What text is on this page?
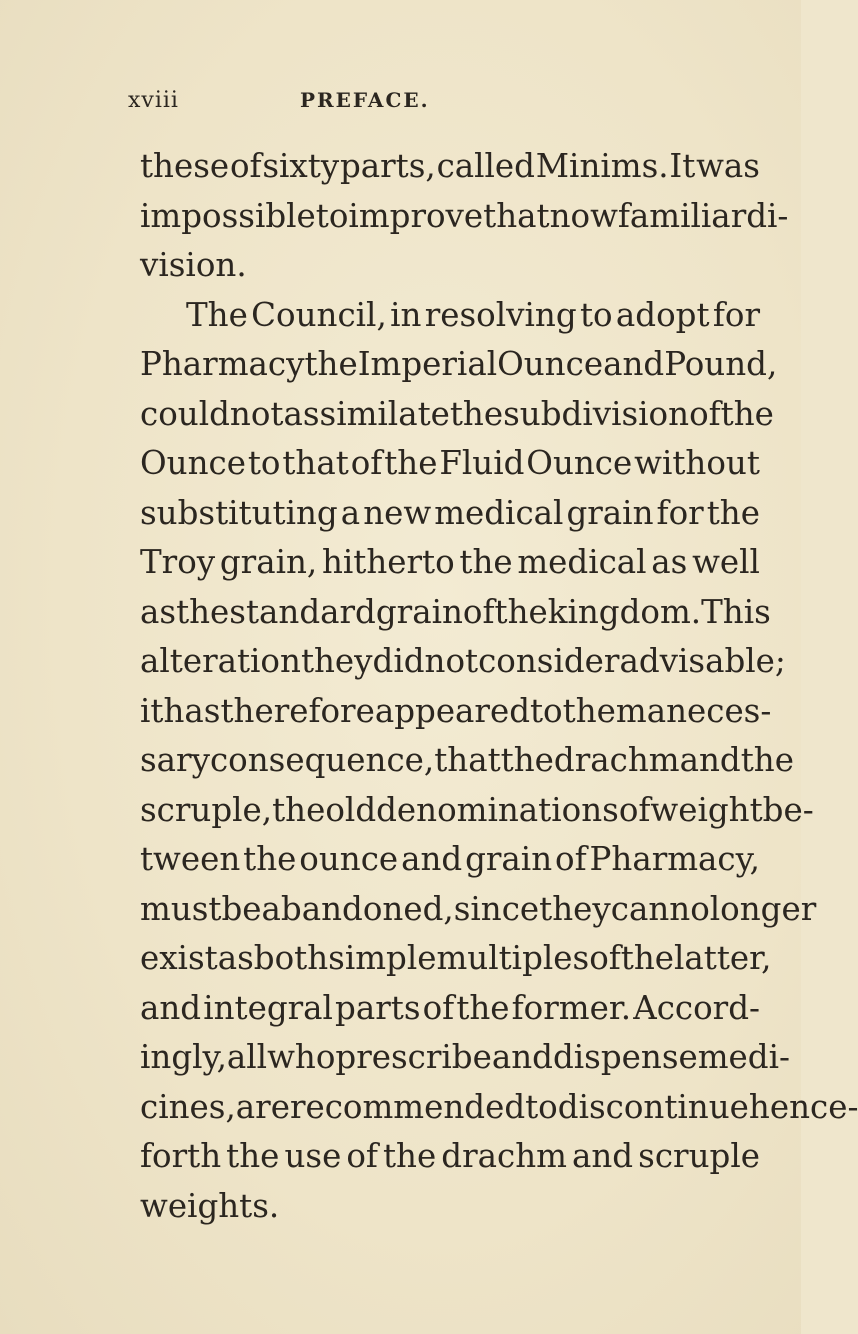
xviii	PREFACE.
these of sixty parts, called Minims. It was
impossible to improve that now familiar di-
vision.
The Council, in resolving to adopt for
Pharmacy the Imperial Ounce and Pound,
could not assimilate the subdivision of the
Ounce to that of the Fluid Ounce without
substituting a new medical grain for the
Troy grain, hitherto the medical as well
as the standard grain of the kingdom. This
alteration they did not consider advisable ;
it has therefore appeared to them a neces-
sary consequence, that the drachm and the
scruple, the old denominations of weight be-
tween the ounce and grain of Pharmacy,
must be abandoned, since they can no longer
exist as both simple multiples of the latter,
and integral parts of the former. Accord-
ingly, all who prescribe and dispense medi-
cines, are recommended to discontinue hence-
forth the use of the drachm and scruple
weights.
